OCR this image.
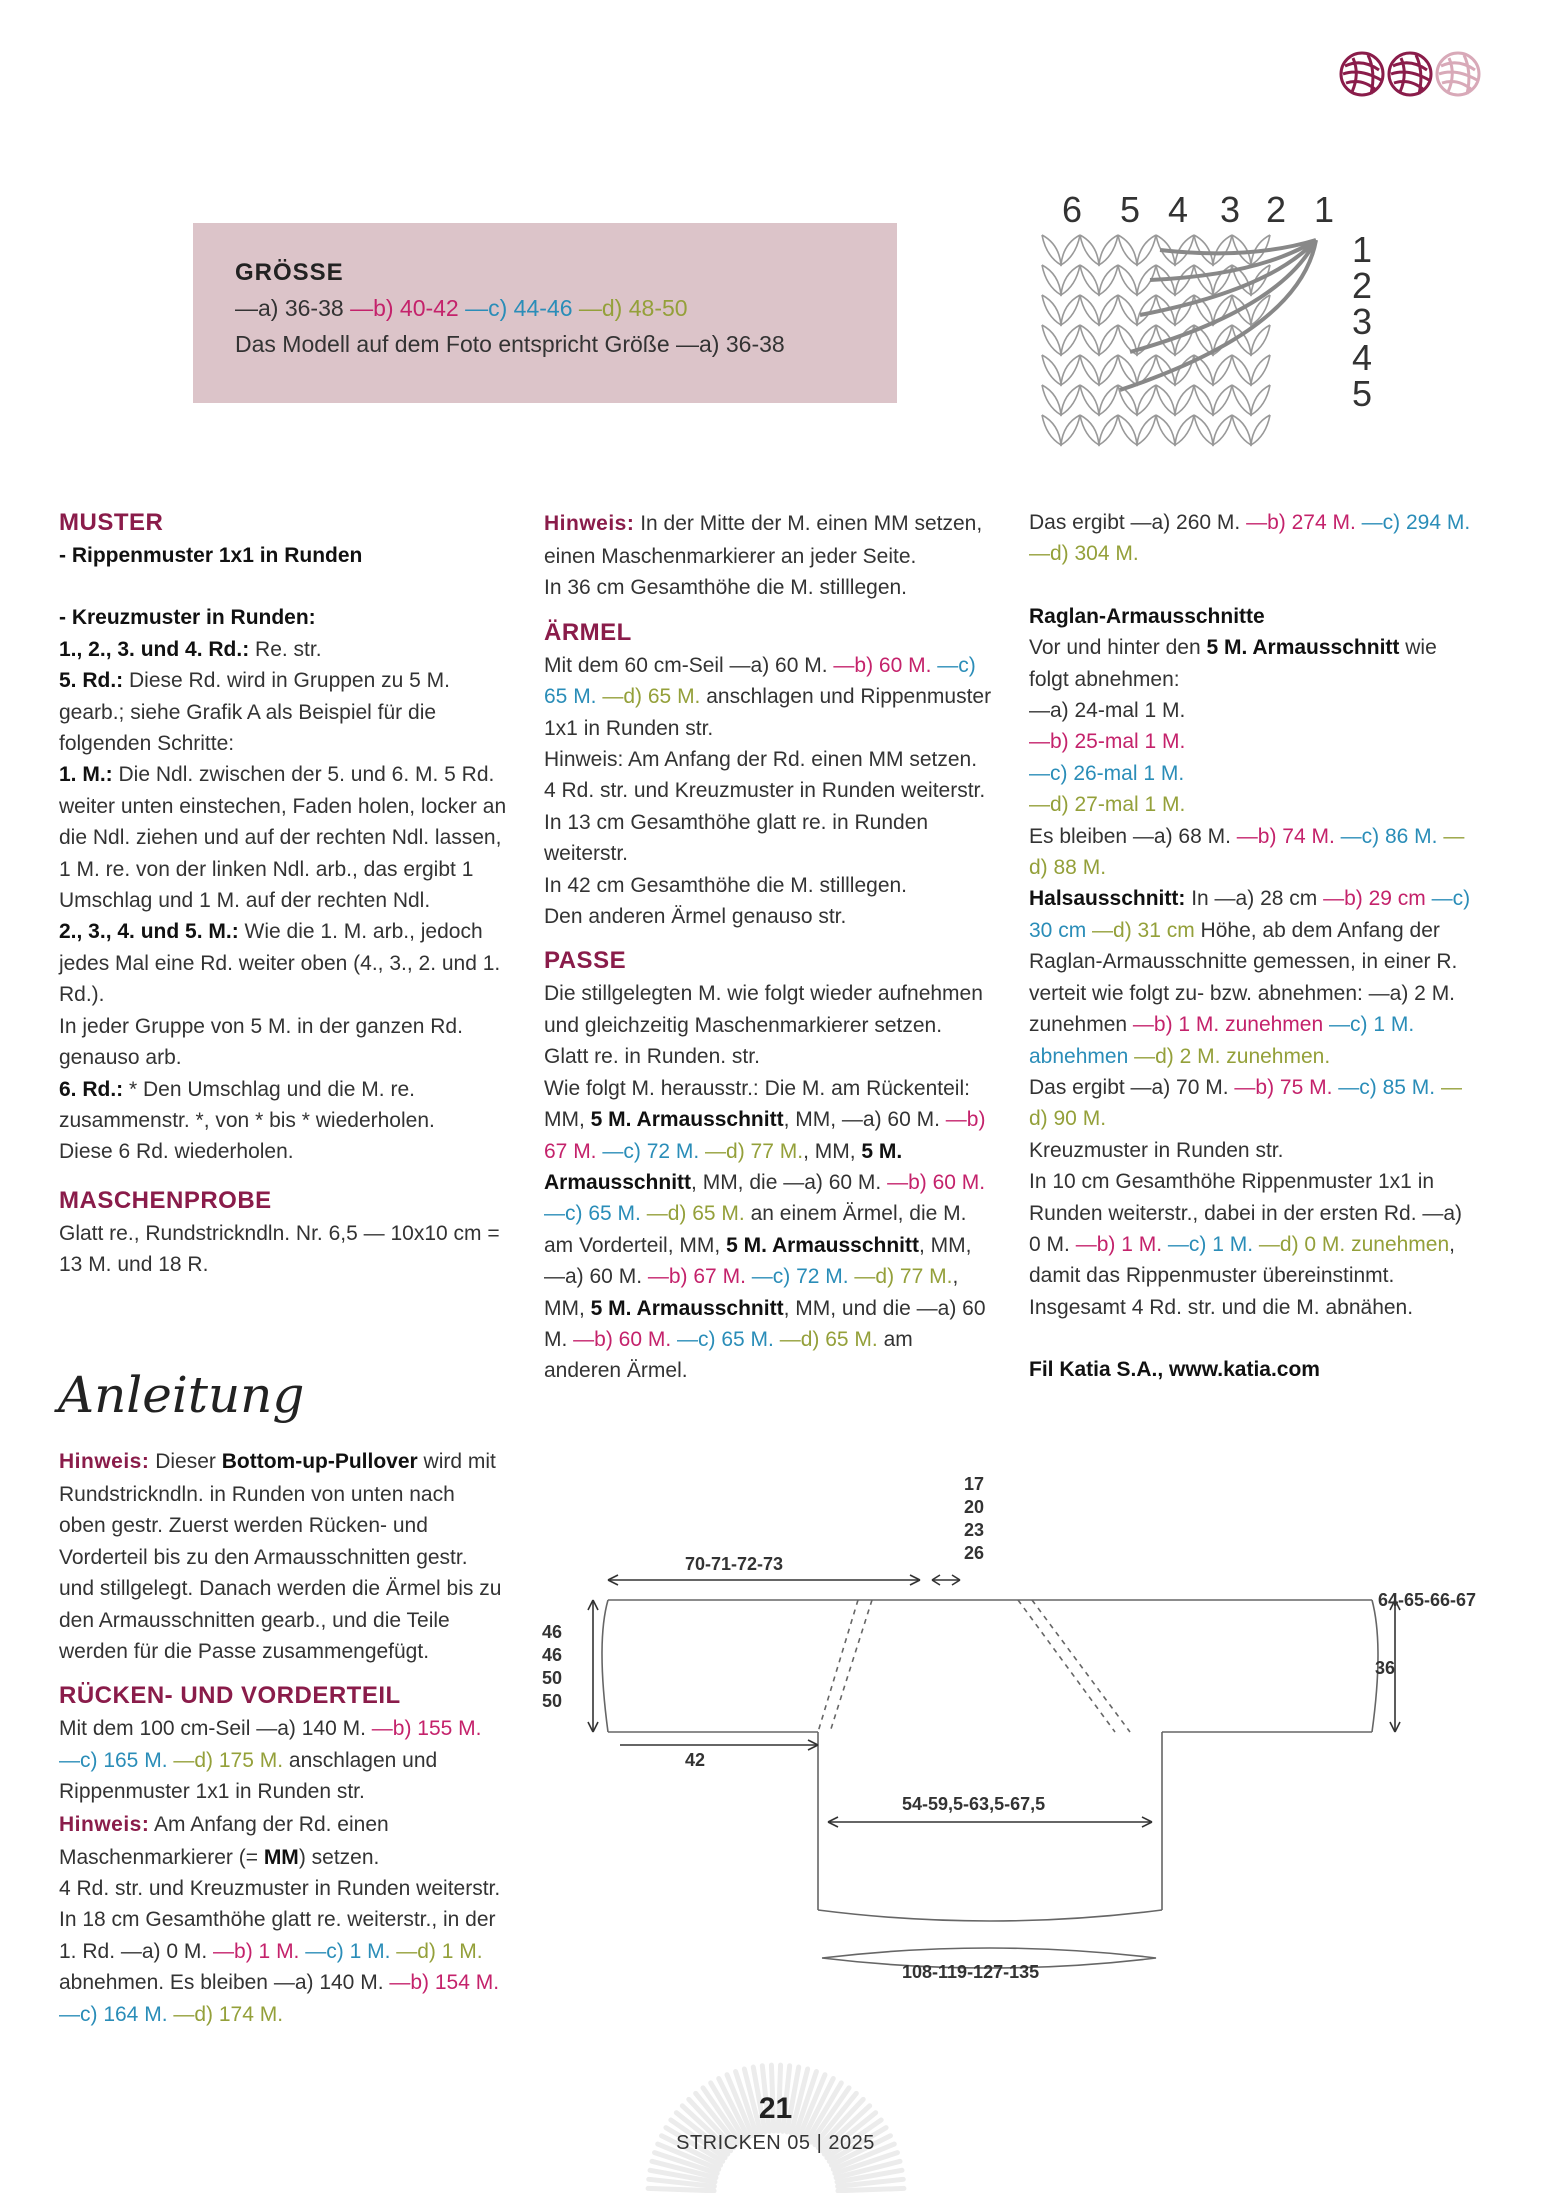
GRÖSSE
—a) 36-38 —b) 40-42 —c) 44-46 —d) 48-50
Das Modell auf dem Foto entspricht Größe —a) 36-38
6 5 4 3 2 1
1
2
3
4
5

MUSTER

- Rippenmuster 1x1 in Runden

- Kreuzmuster in Runden:

1., 2., 3. und 4. Rd.: Re. str.

5. Rd.: Diese Rd. wird in Gruppen zu 5 M. gearb.; siehe Grafik A als Beispiel für die folgenden Schritte:

1. M.: Die Ndl. zwischen der 5. und 6. M. 5 Rd. weiter unten einstechen, Faden holen, locker an die Ndl. ziehen und auf der rechten Ndl. lassen, 1 M. re. von der linken Ndl. arb., das ergibt 1 Umschlag und 1 M. auf der rechten Ndl.

2., 3., 4. und 5. M.: Wie die 1. M. arb., jedoch jedes Mal eine Rd. weiter oben (4., 3., 2. und 1. Rd.).

In jeder Gruppe von 5 M. in der ganzen Rd. genauso arb.

6. Rd.: * Den Umschlag und die M. re. zusammenstr. *, von * bis * wiederholen.

Diese 6 Rd. wiederholen.

MASCHENPROBE

Glatt re., Rundstrickndln. Nr. 6,5 — 10x10 cm = 13 M. und 18 R.

Anleitung

Hinweis: Dieser Bottom-up-Pullover wird mit Rundstrickndln. in Runden von unten nach oben gestr. Zuerst werden Rücken- und Vorderteil bis zu den Armausschnitten gestr. und stillgelegt. Danach werden die Ärmel bis zu den Armausschnitten gearb., und die Teile werden für die Passe zusammengefügt.

RÜCKEN- UND VORDERTEIL

Mit dem 100 cm-Seil —a) 140 M. —b) 155 M. —c) 165 M. —d) 175 M. anschlagen und Rippenmuster 1x1 in Runden str.

Hinweis: Am Anfang der Rd. einen Maschenmarkierer (= MM) setzen.

4 Rd. str. und Kreuzmuster in Runden weiterstr.

In 18 cm Gesamthöhe glatt re. weiterstr., in der 1. Rd. —a) 0 M. —b) 1 M. —c) 1 M. —d) 1 M. abnehmen. Es bleiben —a) 140 M. —b) 154 M. —c) 164 M. —d) 174 M.

Hinweis: In der Mitte der M. einen MM setzen, einen Maschenmarkierer an jeder Seite.

In 36 cm Gesamthöhe die M. stilllegen.

ÄRMEL

Mit dem 60 cm-Seil —a) 60 M. —b) 60 M. —c) 65 M. —d) 65 M. anschlagen und Rippenmuster 1x1 in Runden str.

Hinweis: Am Anfang der Rd. einen MM setzen.

4 Rd. str. und Kreuzmuster in Runden weiterstr.

In 13 cm Gesamthöhe glatt re. in Runden weiterstr.

In 42 cm Gesamthöhe die M. stilllegen.

Den anderen Ärmel genauso str.

PASSE

Die stillgelegten M. wie folgt wieder aufnehmen und gleichzeitig Maschenmarkierer setzen. Glatt re. in Runden. str.

Wie folgt M. herausstr.: Die M. am Rückenteil: MM, 5 M. Armausschnitt, MM, —a) 60 M. —b) 67 M. —c) 72 M. —d) 77 M., MM, 5 M. Armausschnitt, MM, die —a) 60 M. —b) 60 M. —c) 65 M. —d) 65 M. an einem Ärmel, die M. am Vorderteil, MM, 5 M. Armausschnitt, MM, —a) 60 M. —b) 67 M. —c) 72 M. —d) 77 M., MM, 5 M. Armausschnitt, MM, und die —a) 60 M. —b) 60 M. —c) 65 M. —d) 65 M. am anderen Ärmel.

Das ergibt —a) 260 M. —b) 274 M. —c) 294 M. —d) 304 M.

Raglan-Armausschnitte

Vor und hinter den 5 M. Armausschnitt wie folgt abnehmen:

—a) 24-mal 1 M.

—b) 25-mal 1 M.

—c) 26-mal 1 M.

—d) 27-mal 1 M.

Es bleiben —a) 68 M. —b) 74 M. —c) 86 M. —d) 88 M.

Halsausschnitt: In —a) 28 cm —b) 29 cm —c) 30 cm —d) 31 cm Höhe, ab dem Anfang der Raglan-Armausschnitte gemessen, in einer R. verteit wie folgt zu- bzw. abnehmen: —a) 2 M. zunehmen —b) 1 M. zunehmen —c) 1 M. abnehmen —d) 2 M. zunehmen.

Das ergibt —a) 70 M. —b) 75 M. —c) 85 M. —d) 90 M.

Kreuzmuster in Runden str.

In 10 cm Gesamthöhe Rippenmuster 1x1 in Runden weiterstr., dabei in der ersten Rd. —a) 0 M. —b) 1 M. —c) 1 M. —d) 0 M. zunehmen, damit das Rippenmuster übereinstinmt.

Insgesamt 4 Rd. str. und die M. abnähen.

Fil Katia S.A., www.katia.com

70-71-72-73
17
20
23
26
64-65-66-67
46
46
50
50
36
42
54-59,5-63,5-67,5
108-119-127-135
21
STRICKEN 05 | 2025
